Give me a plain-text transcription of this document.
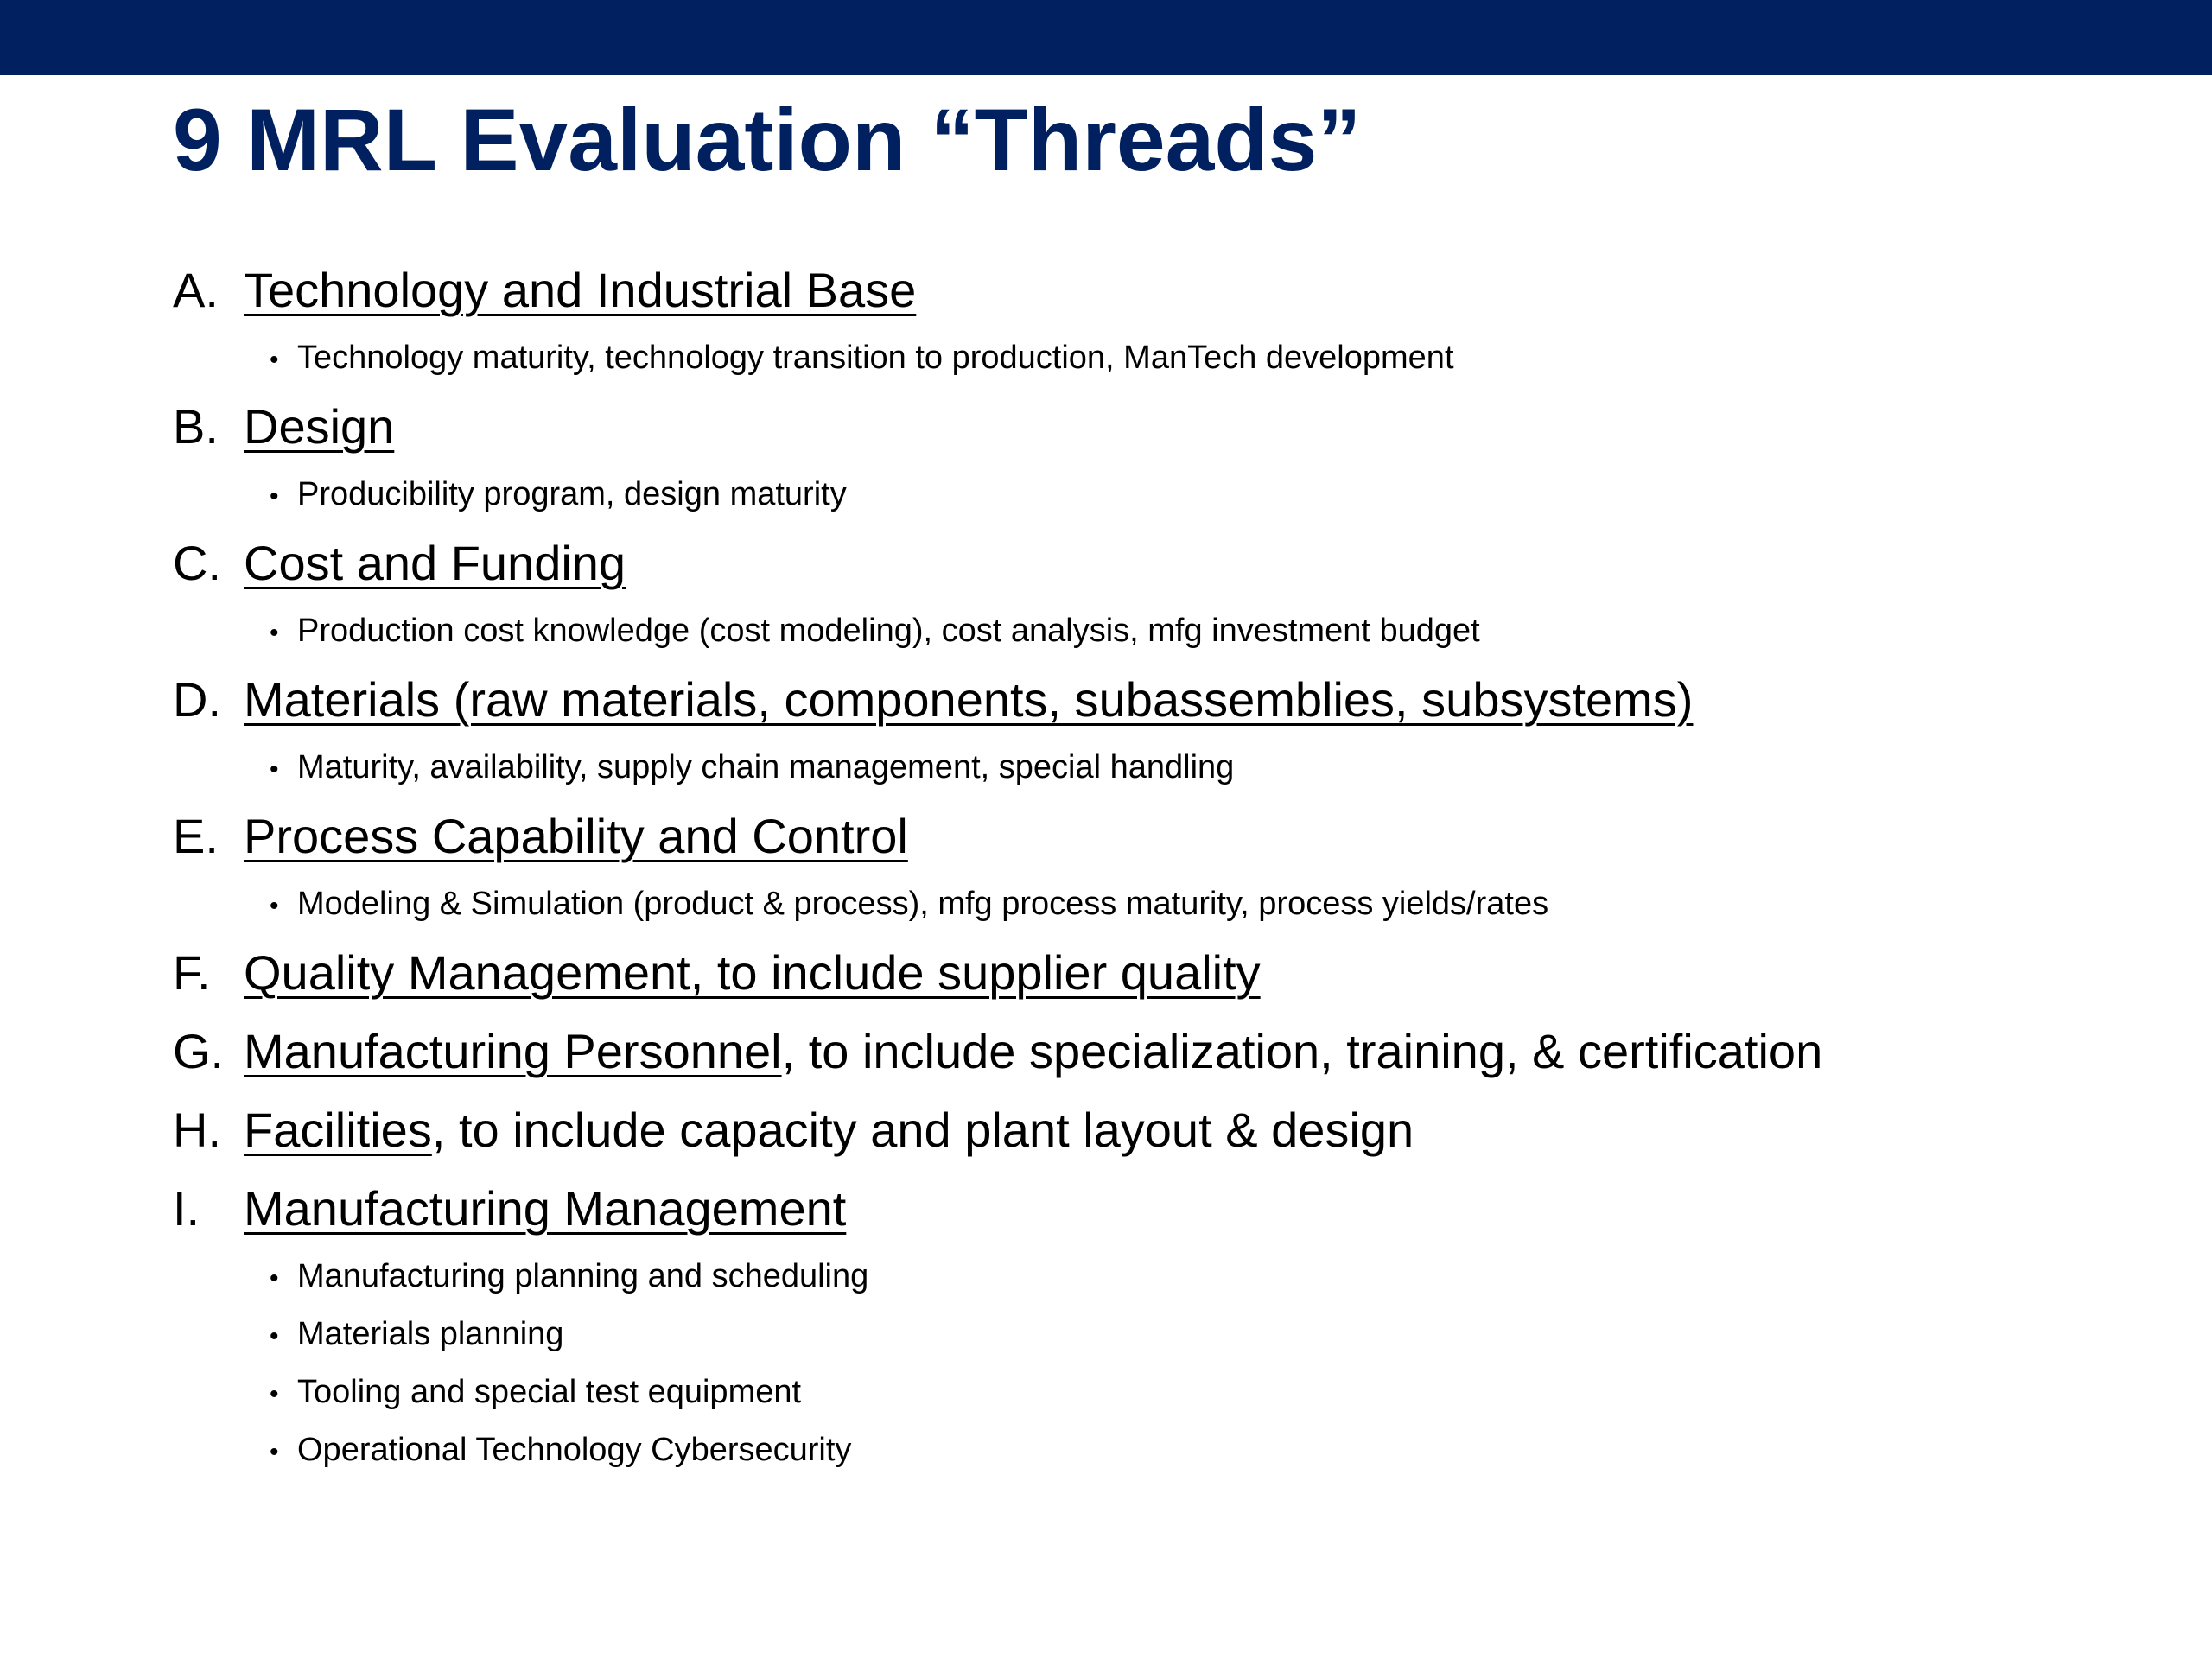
9 MRL Evaluation “Threads”
A. Technology and Industrial Base
• Technology maturity, technology transition to production, ManTech development
B. Design
• Producibility program, design maturity
C. Cost and Funding
• Production cost knowledge (cost modeling), cost analysis, mfg investment budget
D. Materials (raw materials, components, subassemblies, subsystems)
• Maturity, availability, supply chain management, special handling
E. Process Capability and Control
• Modeling & Simulation (product & process), mfg process maturity, process yields/rates
F. Quality Management, to include supplier quality
G. Manufacturing Personnel , to include specialization, training, & certification
H. Facilities , to include capacity and plant layout & design
I. Manufacturing Management
• Manufacturing planning and scheduling
• Materials planning
• Tooling and special test equipment
• Operational Technology Cybersecurity
